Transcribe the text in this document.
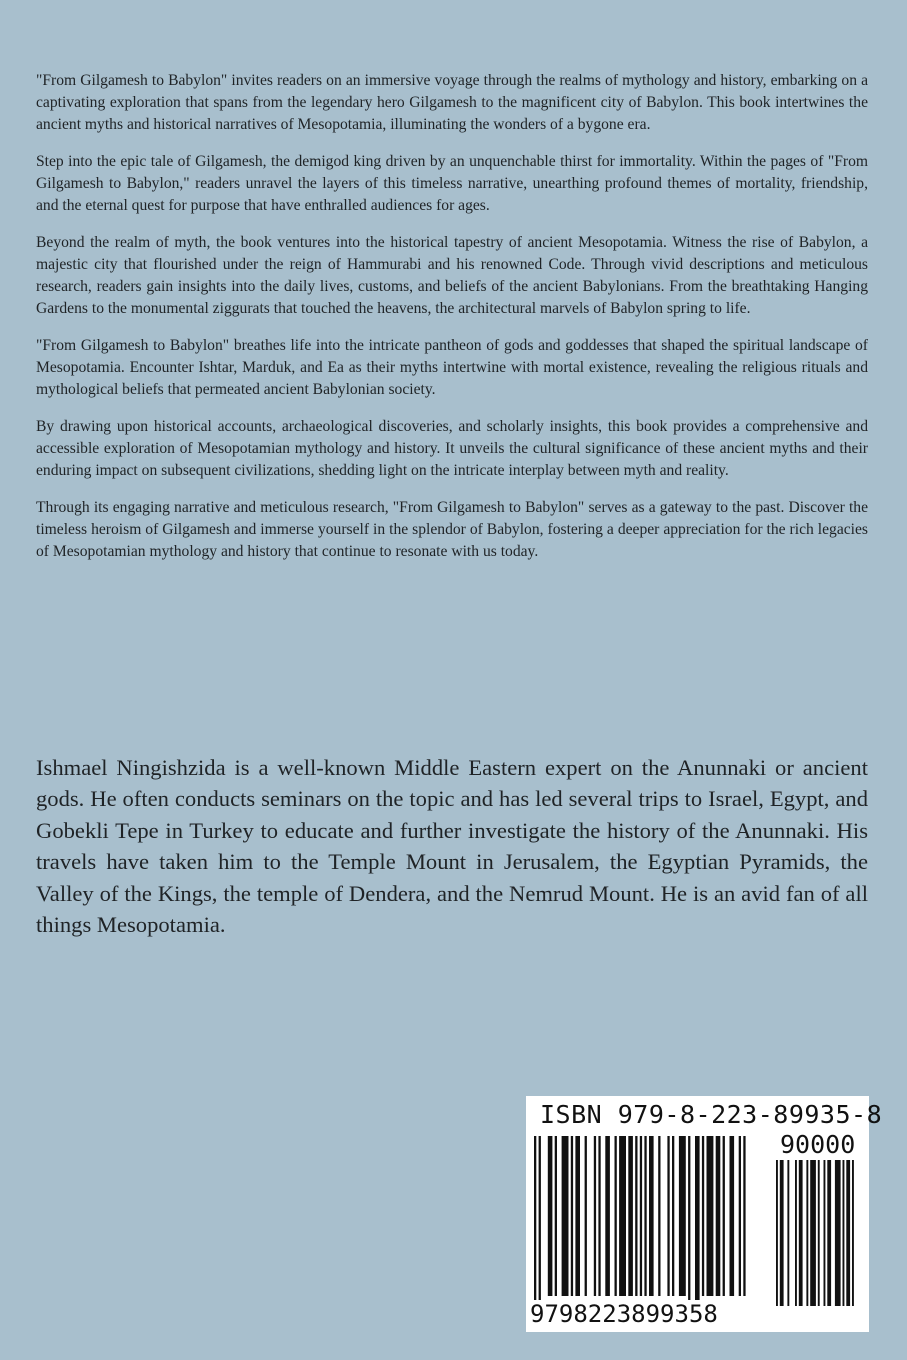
"From Gilgamesh to Babylon" invites readers on an immersive voyage through the realms of mythology and history, embarking on a captivating exploration that spans from the legendary hero Gilgamesh to the magnificent city of Babylon. This book intertwines the ancient myths and historical narratives of Mesopotamia, illuminating the wonders of a bygone era.

Step into the epic tale of Gilgamesh, the demigod king driven by an unquenchable thirst for immortality. Within the pages of "From Gilgamesh to Babylon," readers unravel the layers of this timeless narrative, unearthing profound themes of mortality, friendship, and the eternal quest for purpose that have enthralled audiences for ages.

Beyond the realm of myth, the book ventures into the historical tapestry of ancient Mesopotamia. Witness the rise of Babylon, a majestic city that flourished under the reign of Hammurabi and his renowned Code. Through vivid descriptions and meticulous research, readers gain insights into the daily lives, customs, and beliefs of the ancient Babylonians. From the breathtaking Hanging Gardens to the monumental ziggurats that touched the heavens, the architectural marvels of Babylon spring to life.

"From Gilgamesh to Babylon" breathes life into the intricate pantheon of gods and goddesses that shaped the spiritual landscape of Mesopotamia. Encounter Ishtar, Marduk, and Ea as their myths intertwine with mortal existence, revealing the religious rituals and mythological beliefs that permeated ancient Babylonian society.

By drawing upon historical accounts, archaeological discoveries, and scholarly insights, this book provides a comprehensive and accessible exploration of Mesopotamian mythology and history. It unveils the cultural significance of these ancient myths and their enduring impact on subsequent civilizations, shedding light on the intricate interplay between myth and reality.

Through its engaging narrative and meticulous research, "From Gilgamesh to Babylon" serves as a gateway to the past. Discover the timeless heroism of Gilgamesh and immerse yourself in the splendor of Babylon, fostering a deeper appreciation for the rich legacies of Mesopotamian mythology and history that continue to resonate with us today.

Ishmael Ningishzida is a well-known Middle Eastern expert on the Anunnaki or ancient gods. He often conducts seminars on the topic and has led several trips to Israel, Egypt, and Gobekli Tepe in Turkey to educate and further investigate the history of the Anunnaki. His travels have taken him to the Temple Mount in Jerusalem, the Egyptian Pyramids, the Valley of the Kings, the temple of Dendera, and the Nemrud Mount. He is an avid fan of all things Mesopotamia.

ISBN 979-8-223-89935-8
90000
9798223899358
